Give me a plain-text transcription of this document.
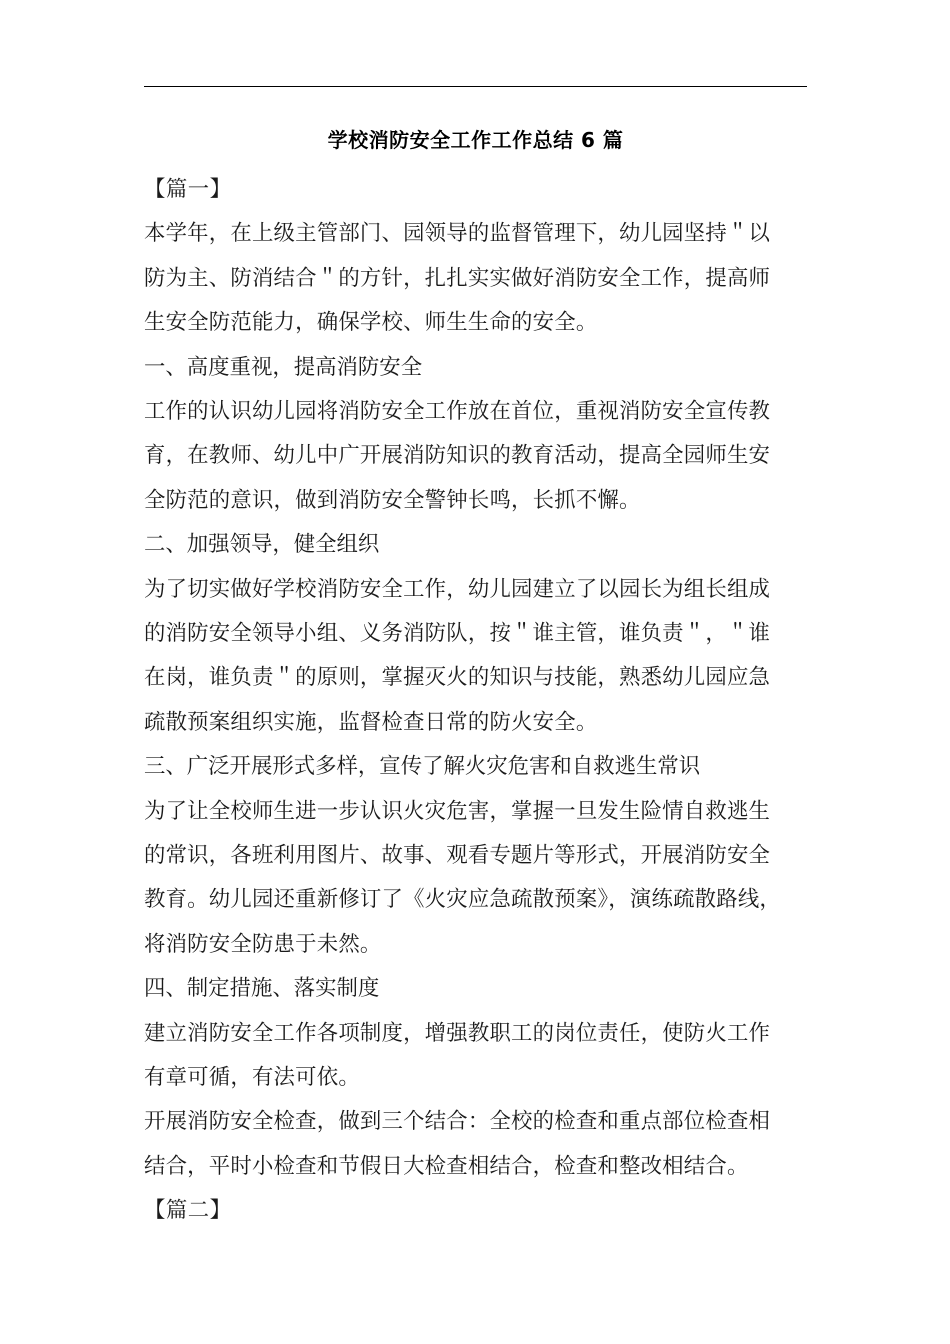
学校消防安全工作工作总结 6 篇

【篇一】

本学年，在上级主管部门、园领导的监督管理下，幼儿园坚持＂以
防为主、防消结合＂的方针，扎扎实实做好消防安全工作，提高师
生安全防范能力，确保学校、师生生命的安全。

一、高度重视，提高消防安全

工作的认识幼儿园将消防安全工作放在首位，重视消防安全宣传教
育，在教师、幼儿中广开展消防知识的教育活动，提高全园师生安
全防范的意识，做到消防安全警钟长鸣，长抓不懈。

二、加强领导，健全组织

为了切实做好学校消防安全工作，幼儿园建立了以园长为组长组成
的消防安全领导小组、义务消防队，按＂谁主管，谁负责＂，＂谁
在岗，谁负责＂的原则，掌握灭火的知识与技能，熟悉幼儿园应急
疏散预案组织实施，监督检查日常的防火安全。

三、广泛开展形式多样，宣传了解火灾危害和自救逃生常识

为了让全校师生进一步认识火灾危害，掌握一旦发生险情自救逃生
的常识，各班利用图片、故事、观看专题片等形式，开展消防安全
教育。幼儿园还重新修订了《火灾应急疏散预案》，演练疏散路线，
将消防安全防患于未然。

四、制定措施、落实制度

建立消防安全工作各项制度，增强教职工的岗位责任，使防火工作
有章可循，有法可依。

开展消防安全检查，做到三个结合：全校的检查和重点部位检查相
结合，平时小检查和节假日大检查相结合，检查和整改相结合。

【篇二】
